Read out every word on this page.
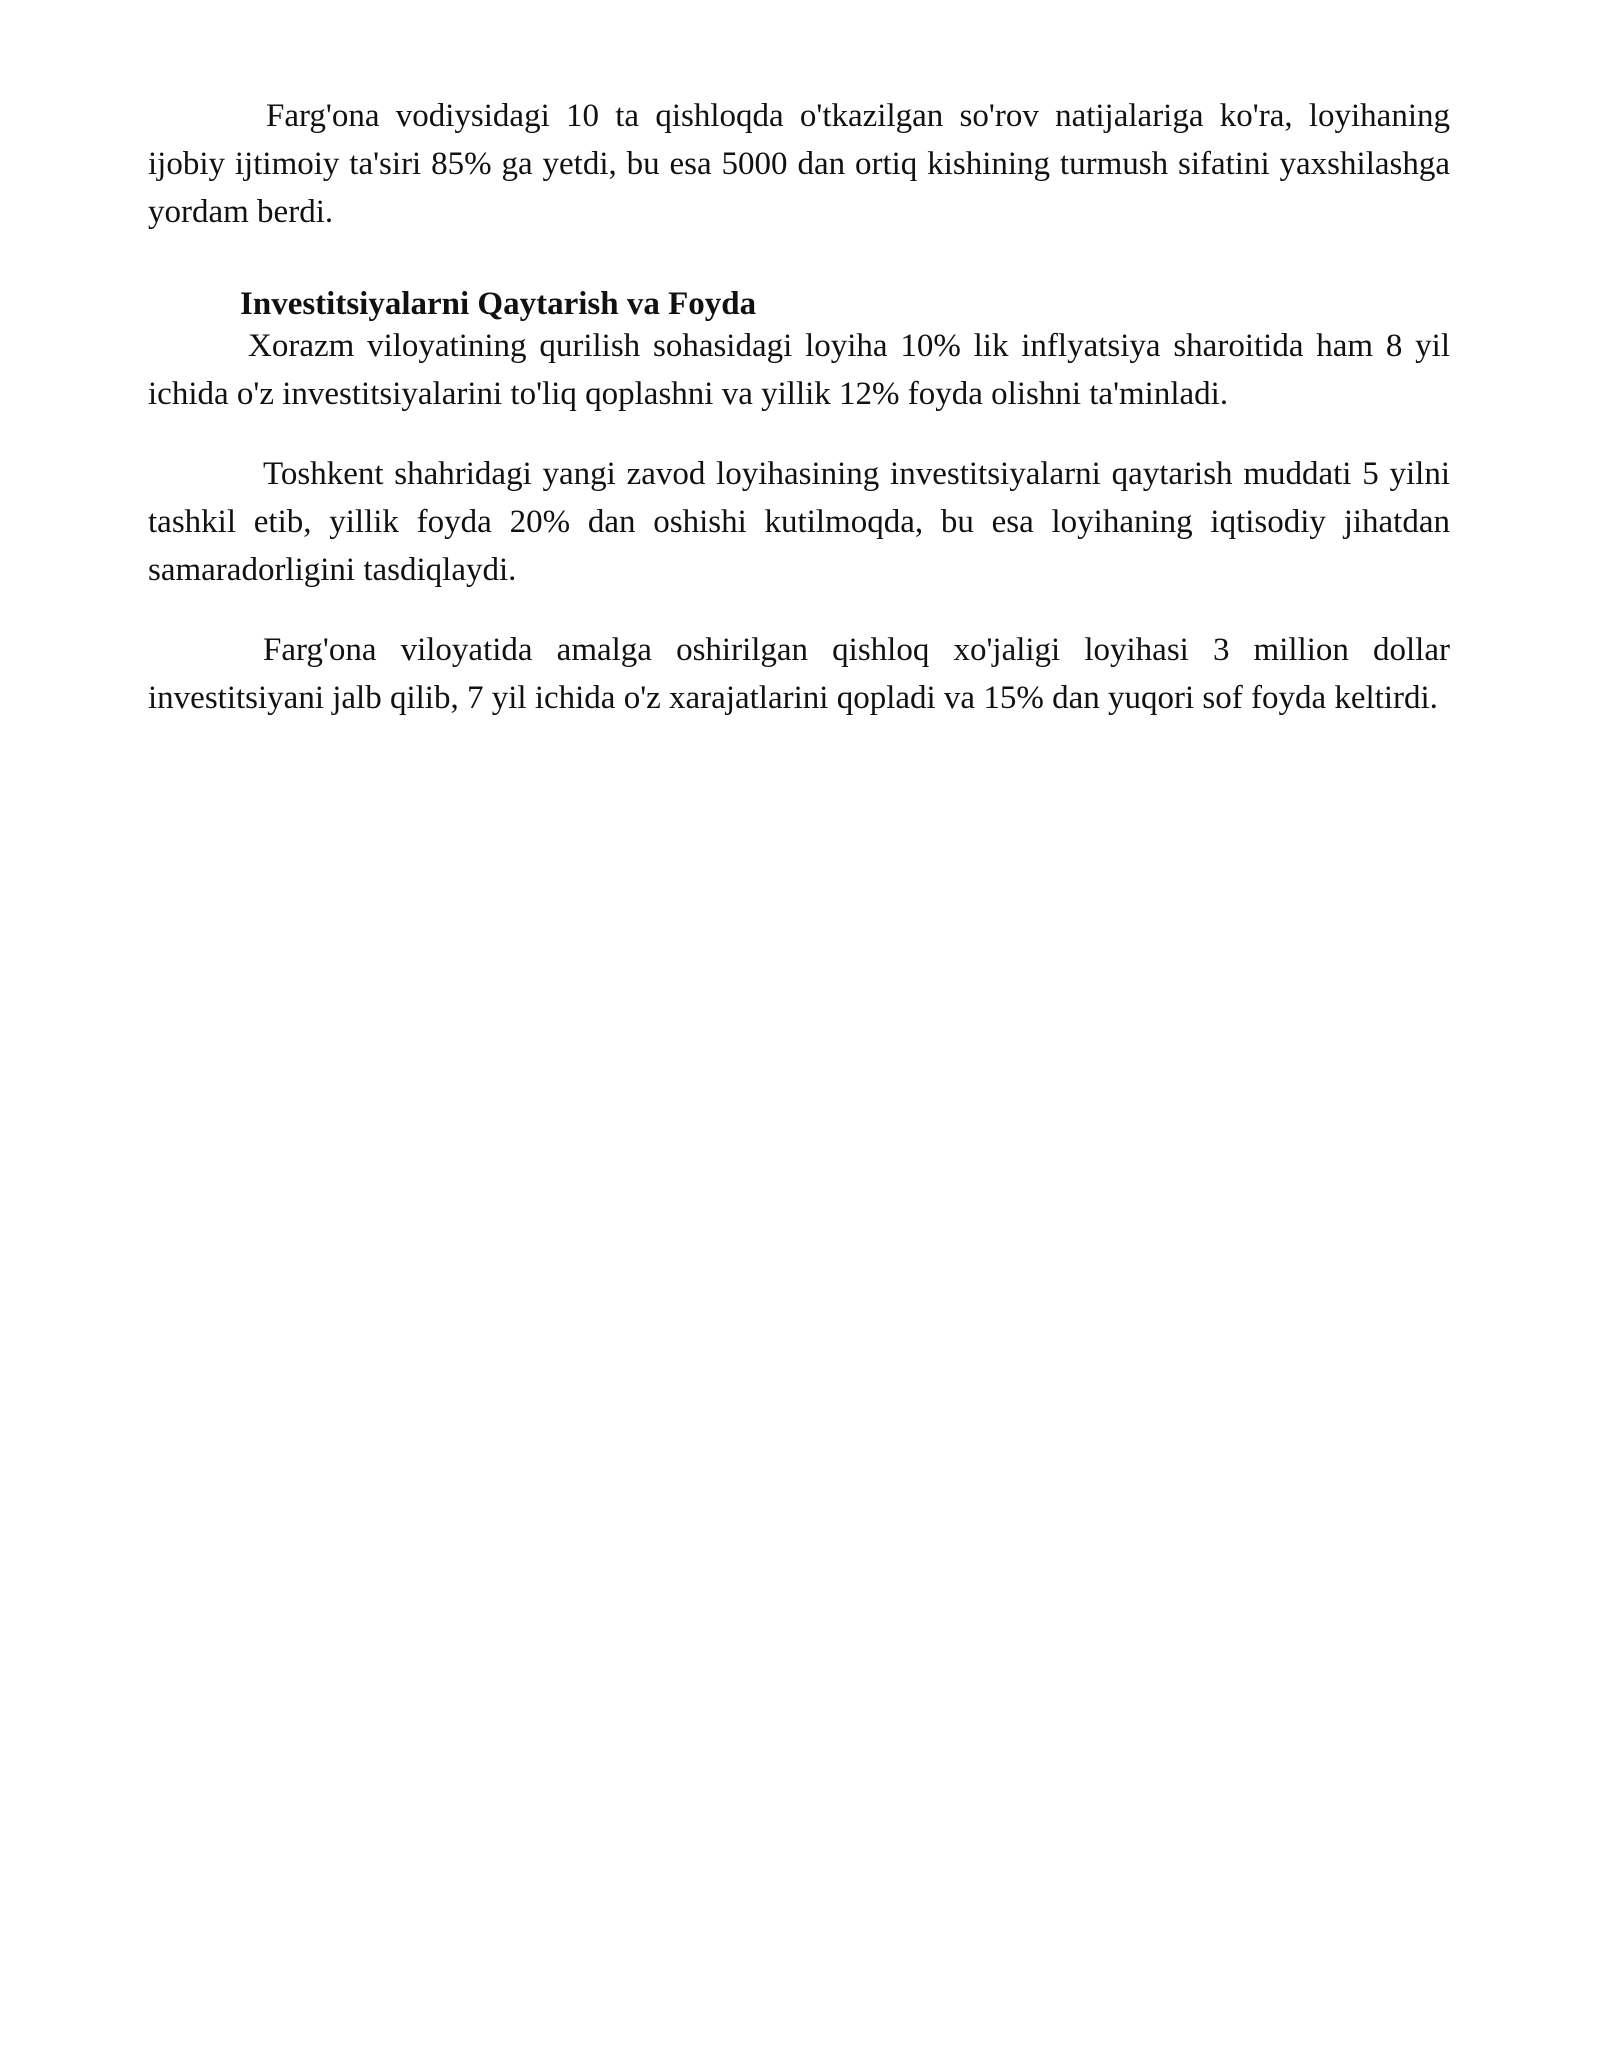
Farg'ona vodiysidagi 10 ta qishloqda o'tkazilgan so'rov natijalariga ko'ra, loyihaning ijobiy ijtimoiy ta'siri 85% ga yetdi, bu esa 5000 dan ortiq kishining turmush sifatini yaxshilashga yordam berdi.

Investitsiyalarni Qaytarish va Foyda

Xorazm viloyatining qurilish sohasidagi loyiha 10% lik inflyatsiya sharoitida ham 8 yil ichida o'z investitsiyalarini to'liq qoplashni va yillik 12% foyda olishni ta'minladi.

Toshkent shahridagi yangi zavod loyihasining investitsiyalarni qaytarish muddati 5 yilni tashkil etib, yillik foyda 20% dan oshishi kutilmoqda, bu esa loyihaning iqtisodiy jihatdan samaradorligini tasdiqlaydi.

Farg'ona viloyatida amalga oshirilgan qishloq xo'jaligi loyihasi 3 million dollar investitsiyani jalb qilib, 7 yil ichida o'z xarajatlarini qopladi va 15% dan yuqori sof foyda keltirdi.
